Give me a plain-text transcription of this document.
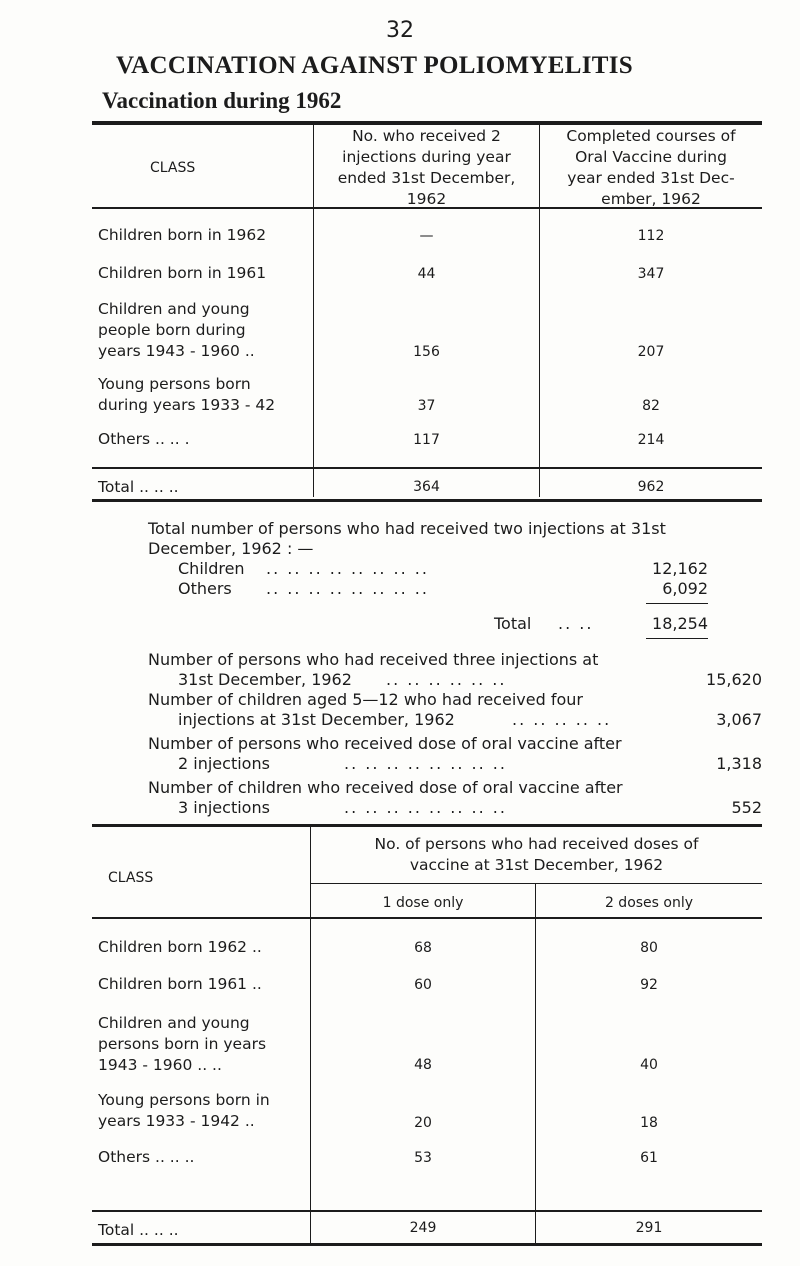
32
VACCINATION AGAINST POLIOMYELITIS
Vaccination during 1962
CLASS
No. who received 2
injections during year
ended 31st December,
1962
Completed courses of
Oral Vaccine during
year ended 31st Dec-
ember, 1962
Children born in 1962	—	112
Children born in 1961	44	347
Children and young
people born during
years 1943 - 1960 ..	156	207
Young persons born
during years 1933 - 42	37	82
Others .. .. .	117	214
Total .. .. ..	364	962
Total number of persons who had received two injections at 31st
December, 1962 : —
Children .. .. .. .. .. .. .. ..	12,162
Others .. .. .. .. .. .. .. ..	6,092
Total .. ..	18,254
Number of persons who had received three injections at
31st December, 1962	.. .. .. .. .. ..	15,620
Number of children aged 5—12 who had received four
injections at 31st December, 1962	.. .. .. .. ..	3,067
Number of persons who received dose of oral vaccine after
2 injections	.. .. .. .. .. .. .. ..	1,318
Number of children who received dose of oral vaccine after
3 injections	.. .. .. .. .. .. .. ..	552
CLASS
No. of persons who had received doses of
vaccine at 31st December, 1962
1 dose only	2 doses only
Children born 1962 ..	68	80
Children born 1961 ..	60	92
Children and young
persons born in years
1943 - 1960 .. ..	48	40
Young persons born in
years 1933 - 1942 ..	20	18
Others .. .. ..	53	61
Total .. .. ..	249	291
